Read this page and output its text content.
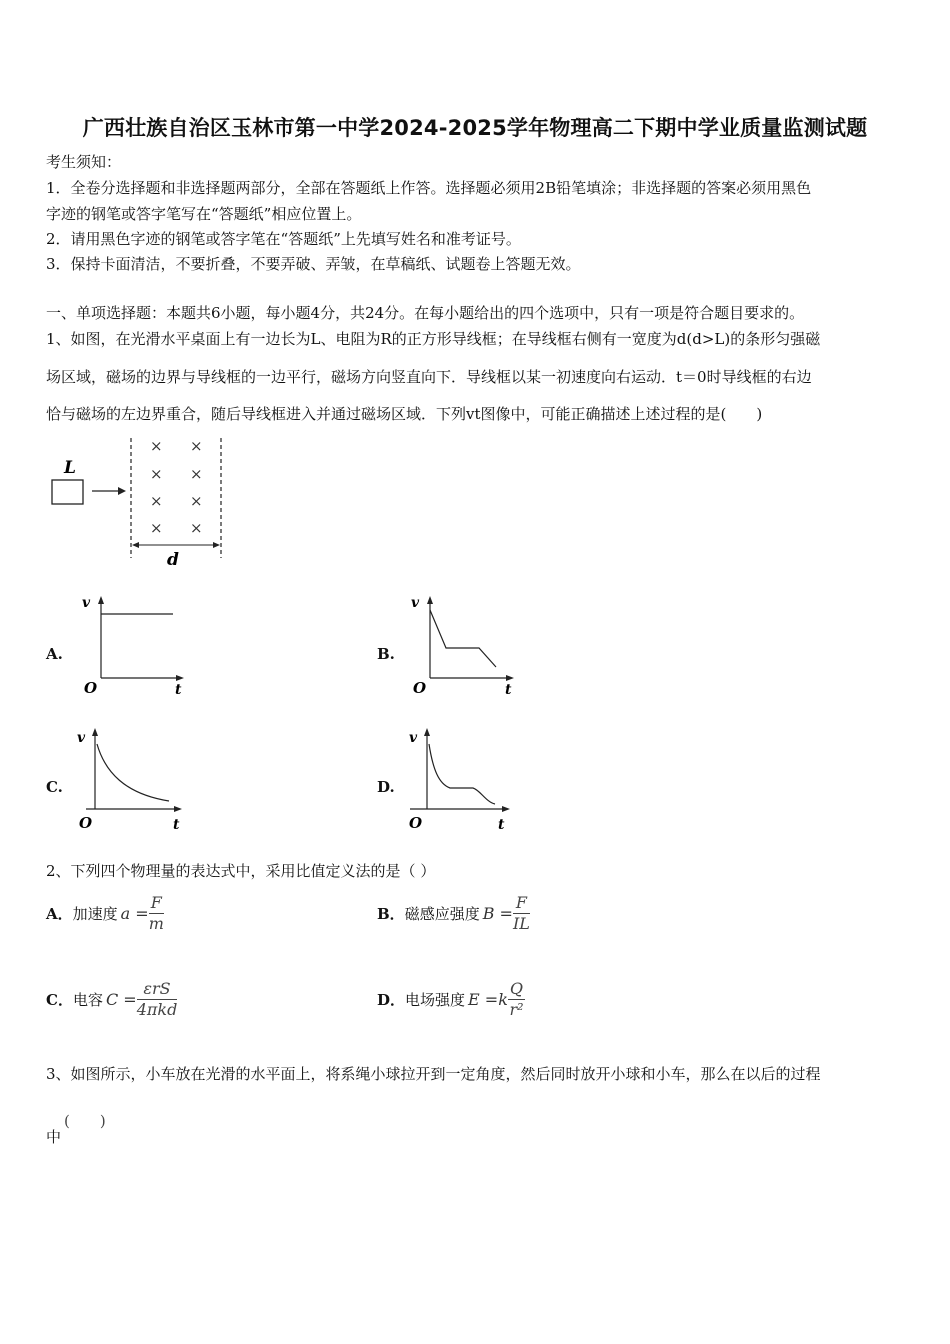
广西壮族自治区玉林市第一中学2024-2025学年物理高二下期中学业质量监测试题
考生须知：
1．全卷分选择题和非选择题两部分，全部在答题纸上作答。选择题必须用2B铅笔填涂；非选择题的答案必须用黑色
字迹的钢笔或答字笔写在“答题纸”相应位置上。
2．请用黑色字迹的钢笔或答字笔在“答题纸”上先填写姓名和准考证号。
3．保持卡面清洁，不要折叠，不要弄破、弄皱，在草稿纸、试题卷上答题无效。
一、单项选择题：本题共6小题，每小题4分，共24分。在每小题给出的四个选项中，只有一项是符合题目要求的。
1、如图，在光滑水平桌面上有一边长为L、电阻为R的正方形导线框；在导线框右侧有一宽度为d(d>L)的条形匀强磁
场区域，磁场的边界与导线框的一边平行，磁场方向竖直向下．导线框以某一初速度向右运动．t＝0时导线框的右边
恰与磁场的左边界重合，随后导线框进入并通过磁场区域．下列vt图像中，可能正确描述上述过程的是(　　)
L
× ×
× ×
× ×
× ×
d
A.	B.
C.	D.
v
O	t
v
O	t
v
O	t
v
O	t
2、下列四个物理量的表达式中，采用比值定义法的是（ ）
A． 加速度 $a = \frac{F}{m}$	B． 磁感应强度 $B = \frac{F}{IL}$
C． 电容 $C = \frac{\text{εrS}}{\text{4πkd}}$	D． 电场强度 E = k $\frac{Q}{\text{r²}}$
3、如图所示，小车放在光滑的水平面上，将系绳小球拉开到一定角度，然后同时放开小球和小车，那么在以后的过程
中
(　　)
